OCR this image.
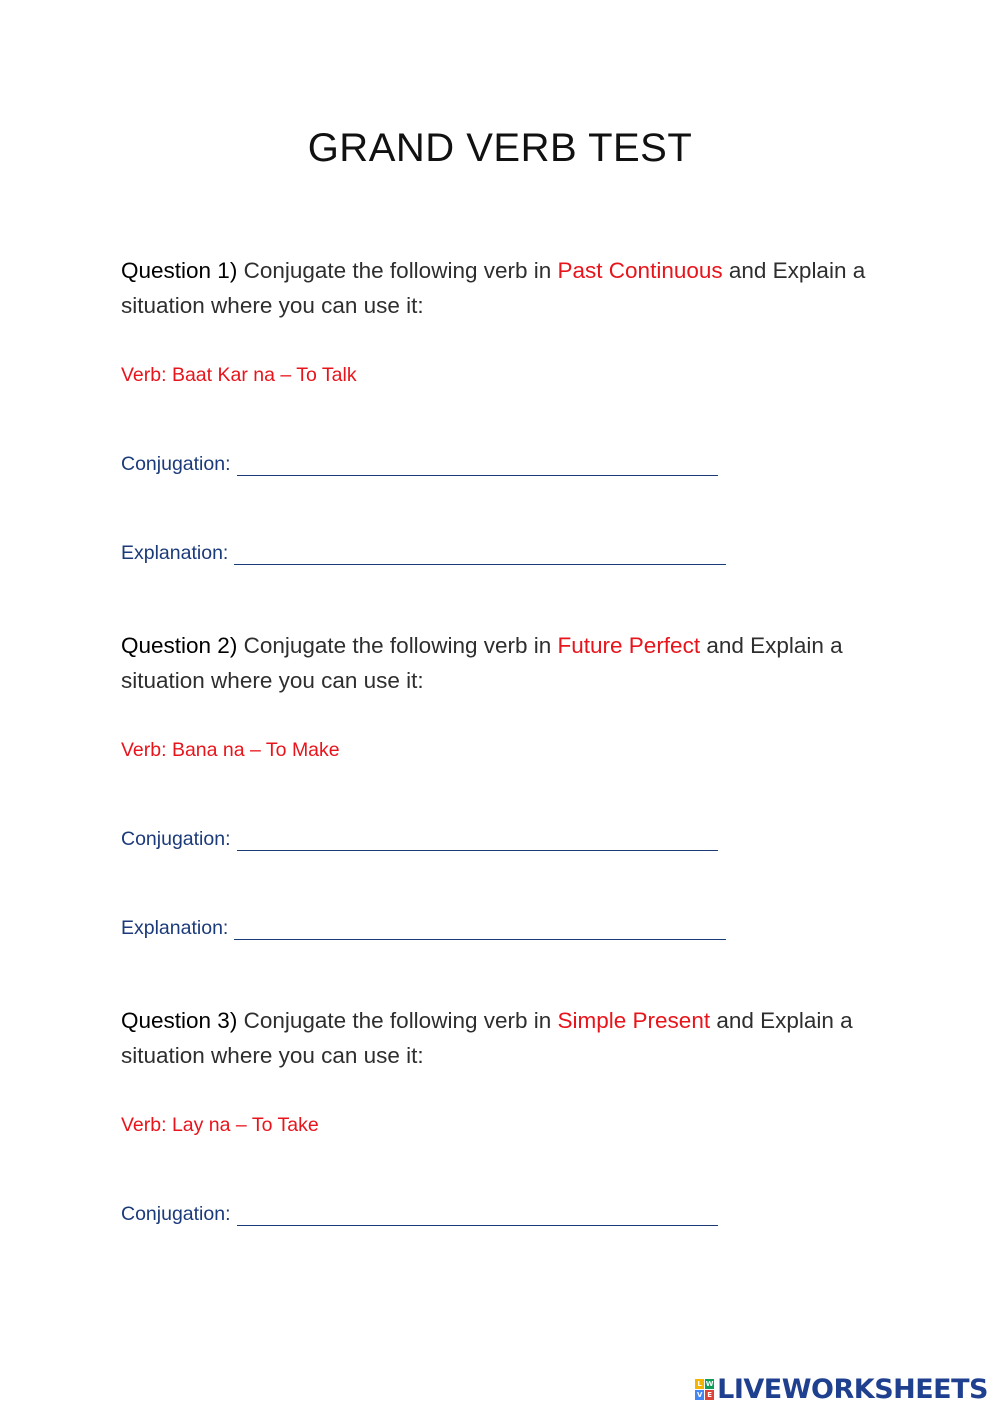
GRAND VERB TEST
Question 1) Conjugate the following verb in Past Continuous and Explain a situation where you can use it:
Verb: Baat Kar na – To Talk
Conjugation:
Explanation:
Question 2) Conjugate the following verb in Future Perfect and Explain a situation where you can use it:
Verb: Bana na – To Make
Conjugation:
Explanation:
Question 3) Conjugate the following verb in Simple Present and Explain a situation where you can use it:
Verb: Lay na – To Take
Conjugation:
L W
V E LIVEWORKSHEETS
